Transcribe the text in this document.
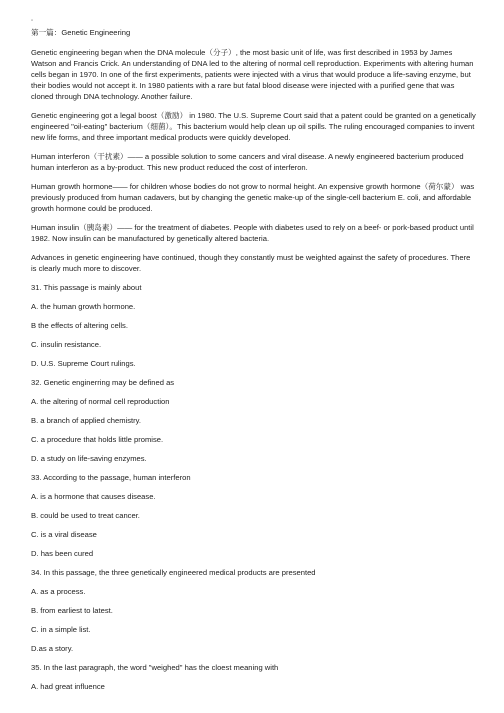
▫

第一篇：Genetic Engineering

Genetic engineering began when the DNA molecule（分子）, the most basic unit of life, was first described in 1953 by James Watson and Francis Crick. An understanding of DNA led to the altering of normal cell reproduction. Experiments with altering human cells began in 1970. In one of the first experiments, patients were injected with a virus that would produce a life-saving enzyme, but their bodies would not accept it. In 1980 patients with a rare but fatal blood disease were injected with a purified gene that was cloned through DNA technology. Another failure.

Genetic engineering got a legal boost（激励） in 1980. The U.S. Supreme Court said that a patent could be granted on a genetically engineered "oil-eating" bacterium（细菌）。This bacterium would help clean up oil spills. The ruling encouraged companies to invent new life forms, and three important medical products were quickly developed.

Human interferon（干扰素）—— a possible solution to some cancers and viral disease. A newly engineered bacterium produced human interferon as a by-product. This new product reduced the cost of interferon.

Human growth hormone—— for children whose bodies do not grow to normal height. An expensive growth hormone（荷尔蒙） was previously produced from human cadavers, but by changing the genetic make-up of the single-cell bacterium E. coli, and affordable growth hormone could be produced.

Human insulin（胰岛素）—— for the treatment of diabetes. People with diabetes used to rely on a beef- or pork-based product until 1982. Now insulin can be manufactured by genetically altered bacteria.

Advances in genetic engineering have continued, though they constantly must be weighted against the safety of procedures. There is clearly much more to discover.

31. This passage is mainly about

A. the human growth hormone.

B the effects of altering cells.

C. insulin resistance.

D. U.S. Supreme Court rulings.

32. Genetic enginerring may be defined as

A. the altering of normal cell reproduction

B. a branch of applied chemistry.

C. a procedure that holds little promise.

D. a study on life-saving enzymes.

33. According to the passage, human interferon

A. is a hormone that causes disease.

B. could be used to treat cancer.

C. is a viral disease

D. has been cured

34. In this passage, the three genetically engineered medical products are presented

A. as a process.

B. from earliest to latest.

C. in a simple list.

D.as a story.

35. In the last paragraph, the word "weighed" has the cloest meaning with

A. had great influence
